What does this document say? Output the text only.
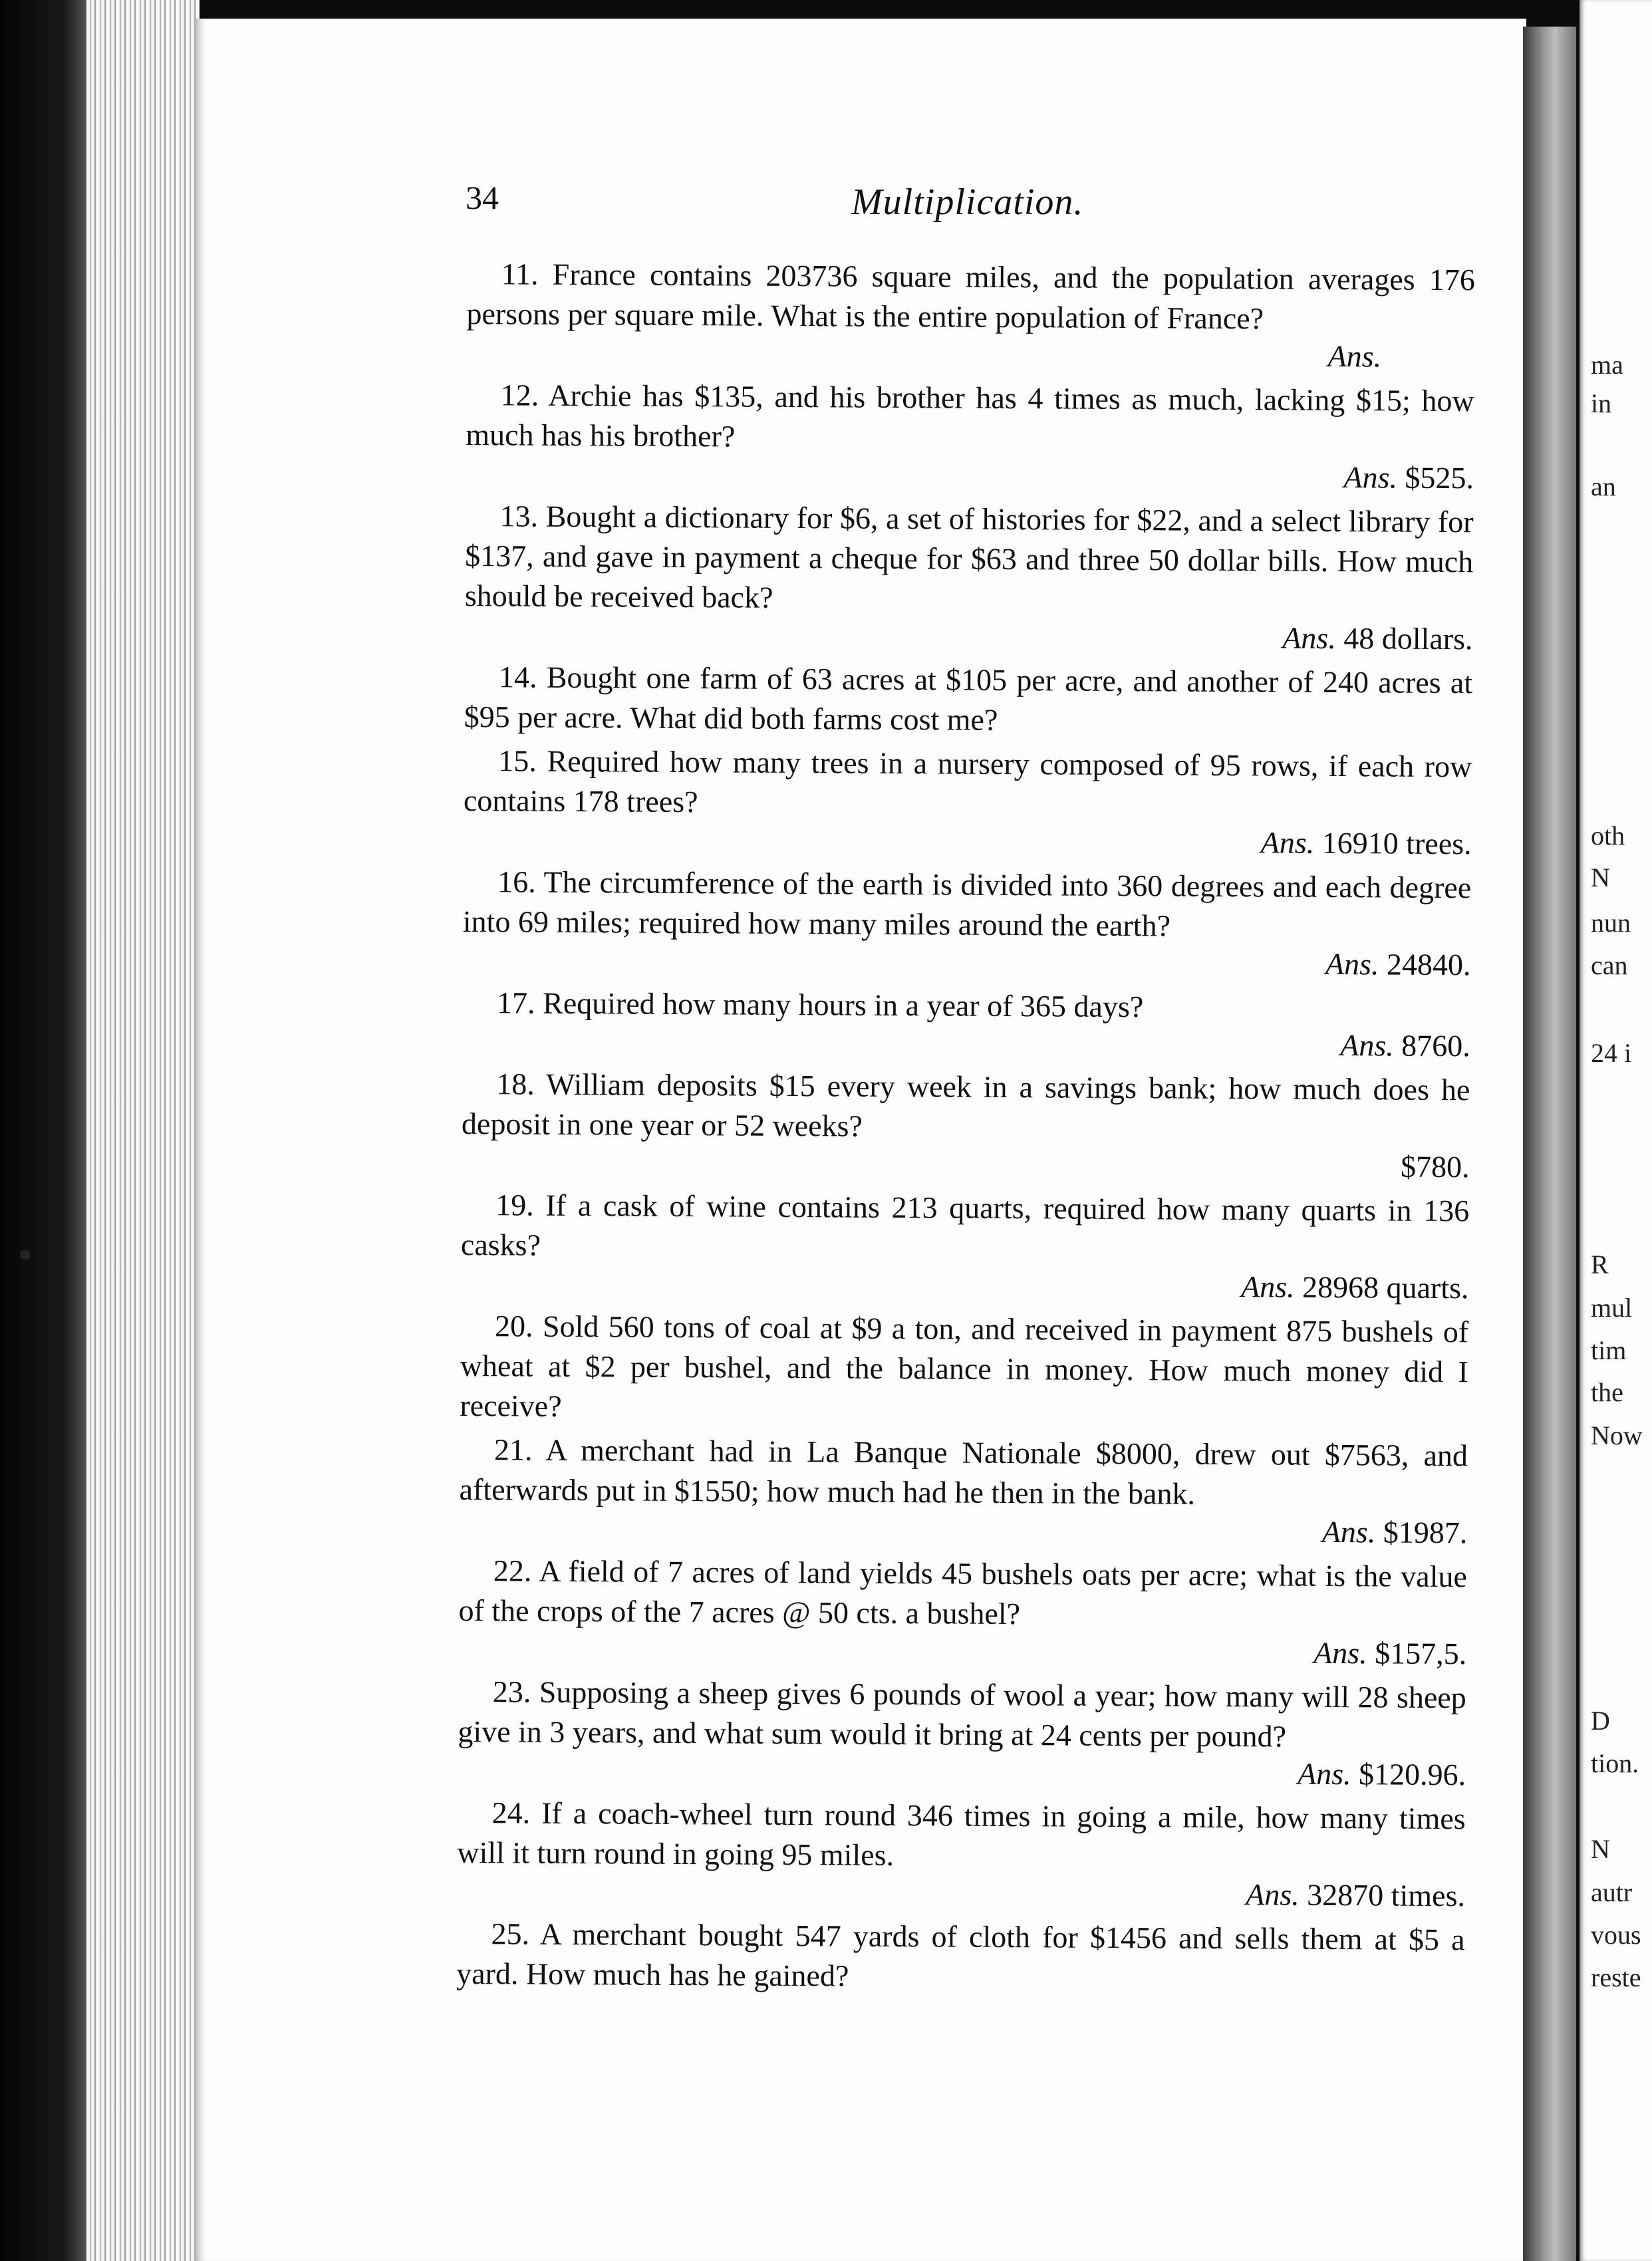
ma
in
an
oth
N
nun
can
24 i
R
mul
tim
the
Now
D
tion.
N
autr
vous
reste
34	Multiplication.
11. France contains 203736 square miles, and the population averages 176 persons per square mile. What is the entire population of France?
Ans.
12. Archie has $135, and his brother has 4 times as much, lacking $15; how much has his brother?
Ans. $525.
13. Bought a dictionary for $6, a set of histories for $22, and a select library for $137, and gave in payment a cheque for $63 and three 50 dollar bills. How much should be received back?
Ans. 48 dollars.
14. Bought one farm of 63 acres at $105 per acre, and another of 240 acres at $95 per acre. What did both farms cost me?
15. Required how many trees in a nursery composed of 95 rows, if each row contains 178 trees?
Ans. 16910 trees.
16. The circumference of the earth is divided into 360 degrees and each degree into 69 miles; required how many miles around the earth?
Ans. 24840.
17. Required how many hours in a year of 365 days?
Ans. 8760.
18. William deposits $15 every week in a savings bank; how much does he deposit in one year or 52 weeks?
$780.
19. If a cask of wine contains 213 quarts, required how many quarts in 136 casks?
Ans. 28968 quarts.
20. Sold 560 tons of coal at $9 a ton, and received in payment 875 bushels of wheat at $2 per bushel, and the balance in money. How much money did I receive?
21. A merchant had in La Banque Nationale $8000, drew out $7563, and afterwards put in $1550; how much had he then in the bank.
Ans. $1987.
22. A field of 7 acres of land yields 45 bushels oats per acre; what is the value of the crops of the 7 acres @ 50 cts. a bushel?
Ans. $157,5.
23. Supposing a sheep gives 6 pounds of wool a year; how many will 28 sheep give in 3 years, and what sum would it bring at 24 cents per pound?
Ans. $120.96.
24. If a coach-wheel turn round 346 times in going a mile, how many times will it turn round in going 95 miles.
Ans. 32870 times.
25. A merchant bought 547 yards of cloth for $1456 and sells them at $5 a yard. How much has he gained?
